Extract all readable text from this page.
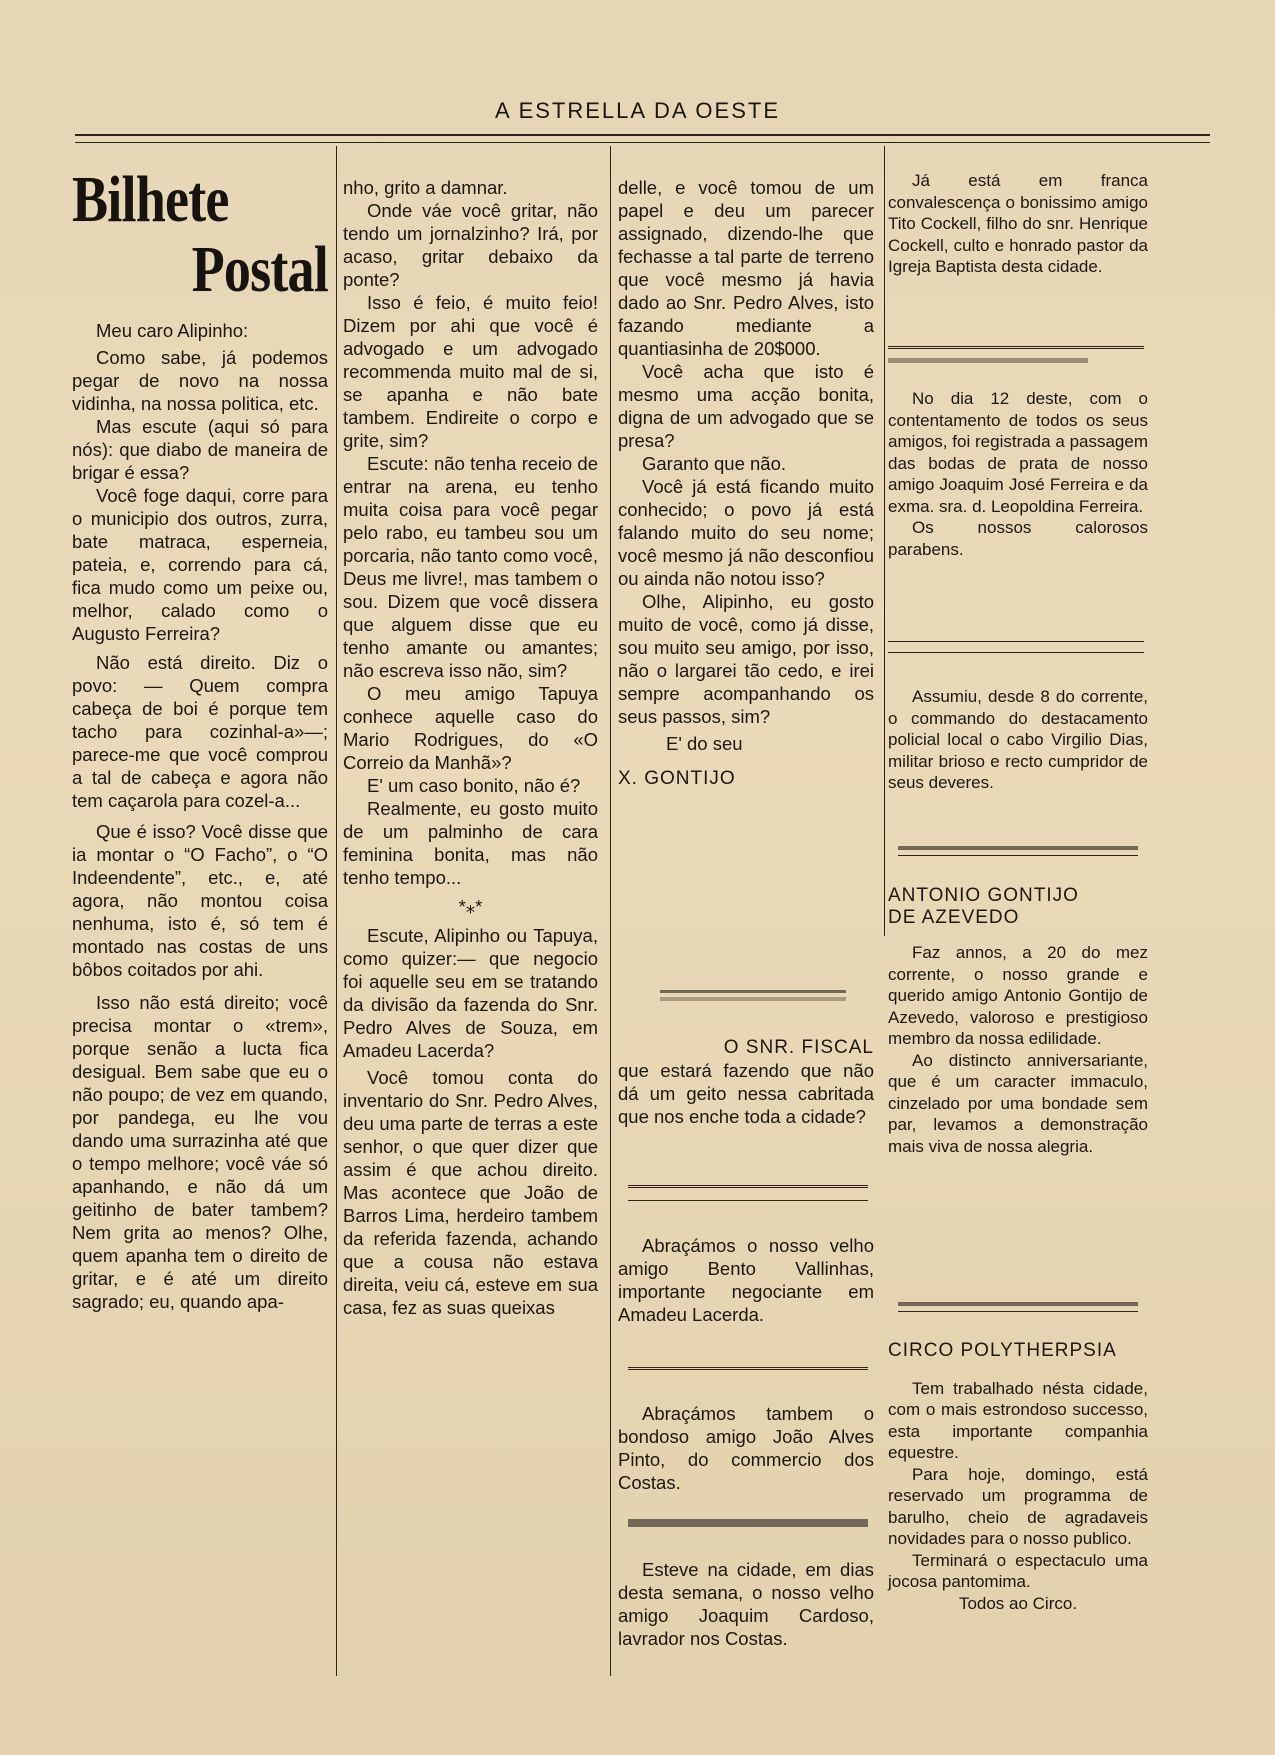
A ESTRELLA DA OESTE
Bilhete
Postal

Meu caro Alipinho:

Como sabe, já podemos pegar de novo na nossa vidinha, na nossa politica, etc.

Mas escute (aqui só para nós): que diabo de maneira de brigar é essa?

Você foge daqui, corre para o municipio dos outros, zurra, bate matraca, esperneia, pateia, e, correndo para cá, fica mudo como um peixe ou, melhor, calado como o Augusto Ferreira?

Não está direito. Diz o povo: — Quem compra cabeça de boi é porque tem tacho para cozinhal-a»—; parece-me que você comprou a tal de cabeça e agora não tem caçarola para cozel-a...

Que é isso? Você disse que ia montar o “O Facho”, o “O Indeendente”, etc., e, até agora, não montou coisa nenhuma, isto é, só tem é montado nas costas de uns bôbos coitados por ahi.

Isso não está direito; você precisa montar o «trem», porque senão a lucta fica desigual. Bem sabe que eu o não poupo; de vez em quando, por pandega, eu lhe vou dando uma surrazinha até que o tempo melhore; você váe só apanhando, e não dá um geitinho de bater tambem? Nem grita ao menos? Olhe, quem apanha tem o direito de gritar, e é até um direito sagrado; eu, quando apa-

nho, grito a damnar.

Onde váe você gritar, não tendo um jornalzinho? Irá, por acaso, gritar debaixo da ponte?

Isso é feio, é muito feio! Dizem por ahi que você é advogado e um advogado recommenda muito mal de si, se apanha e não bate tambem. Endireite o corpo e grite, sim?

Escute: não tenha receio de entrar na arena, eu tenho muita coisa para você pegar pelo rabo, eu tambeu sou um porcaria, não tanto como você, Deus me livre!, mas tambem o sou. Dizem que você dissera que alguem disse que eu tenho amante ou amantes; não escreva isso não, sim?

O meu amigo Tapuya conhece aquelle caso do Mario Rodrigues, do «O Correio da Manhã»?

E' um caso bonito, não é?

Realmente, eu gosto muito de um palminho de cara feminina bonita, mas não tenho tempo...

*⁎*

Escute, Alipinho ou Tapuya, como quizer:— que negocio foi aquelle seu em se tratando da divisão da fazenda do Snr. Pedro Alves de Souza, em Amadeu Lacerda?

Você tomou conta do inventario do Snr. Pedro Alves, deu uma parte de terras a este senhor, o que quer dizer que assim é que achou direito. Mas acontece que João de Barros Lima, herdeiro tambem da referida fazenda, achando que a cousa não estava direita, veiu cá, esteve em sua casa, fez as suas queixas

delle, e você tomou de um papel e deu um parecer assignado, dizendo-lhe que fechasse a tal parte de terreno que você mesmo já havia dado ao Snr. Pedro Alves, isto fazando mediante a quantiasinha de 20$000.

Você acha que isto é mesmo uma acção bonita, digna de um advogado que se presa?

Garanto que não.

Você já está ficando muito conhecido; o povo já está falando muito do seu nome; você mesmo já não desconfiou ou ainda não notou isso?

Olhe, Alipinho, eu gosto muito de você, como já disse, sou muito seu amigo, por isso, não o largarei tão cedo, e irei sempre acompanhando os seus passos, sim?

E' do seu

X. GONTIJO

O SNR. FISCAL

que estará fazendo que não dá um geito nessa cabritada que nos enche toda a cidade?

Abraçámos o nosso velho amigo Bento Vallinhas, importante negociante em Amadeu Lacerda.

Abraçámos tambem o bondoso amigo João Alves Pinto, do commercio dos Costas.

Esteve na cidade, em dias desta semana, o nosso velho amigo Joaquim Cardoso, lavrador nos Costas.

Já está em franca convalescença o bonissimo amigo Tito Cockell, filho do snr. Henrique Cockell, culto e honrado pastor da Igreja Baptista desta cidade.

No dia 12 deste, com o contentamento de todos os seus amigos, foi registrada a passagem das bodas de prata de nosso amigo Joaquim José Ferreira e da exma. sra. d. Leopoldina Ferreira.

Os nossos calorosos parabens.

Assumiu, desde 8 do corrente, o commando do destacamento policial local o cabo Virgilio Dias, militar brioso e recto cumpridor de seus deveres.

ANTONIO GONTIJO

DE AZEVEDO

Faz annos, a 20 do mez corrente, o nosso grande e querido amigo Antonio Gontijo de Azevedo, valoroso e prestigioso membro da nossa edilidade.

Ao distincto anniversariante, que é um caracter immaculo, cinzelado por uma bondade sem par, levamos a demonstração mais viva de nossa alegria.

CIRCO POLYTHERPSIA

Tem trabalhado nésta cidade, com o mais estrondoso successo, esta importante companhia equestre.

Para hoje, domingo, está reservado um programma de barulho, cheio de agradaveis novidades para o nosso publico.

Terminará o espectaculo uma jocosa pantomima.

Todos ao Circo.
